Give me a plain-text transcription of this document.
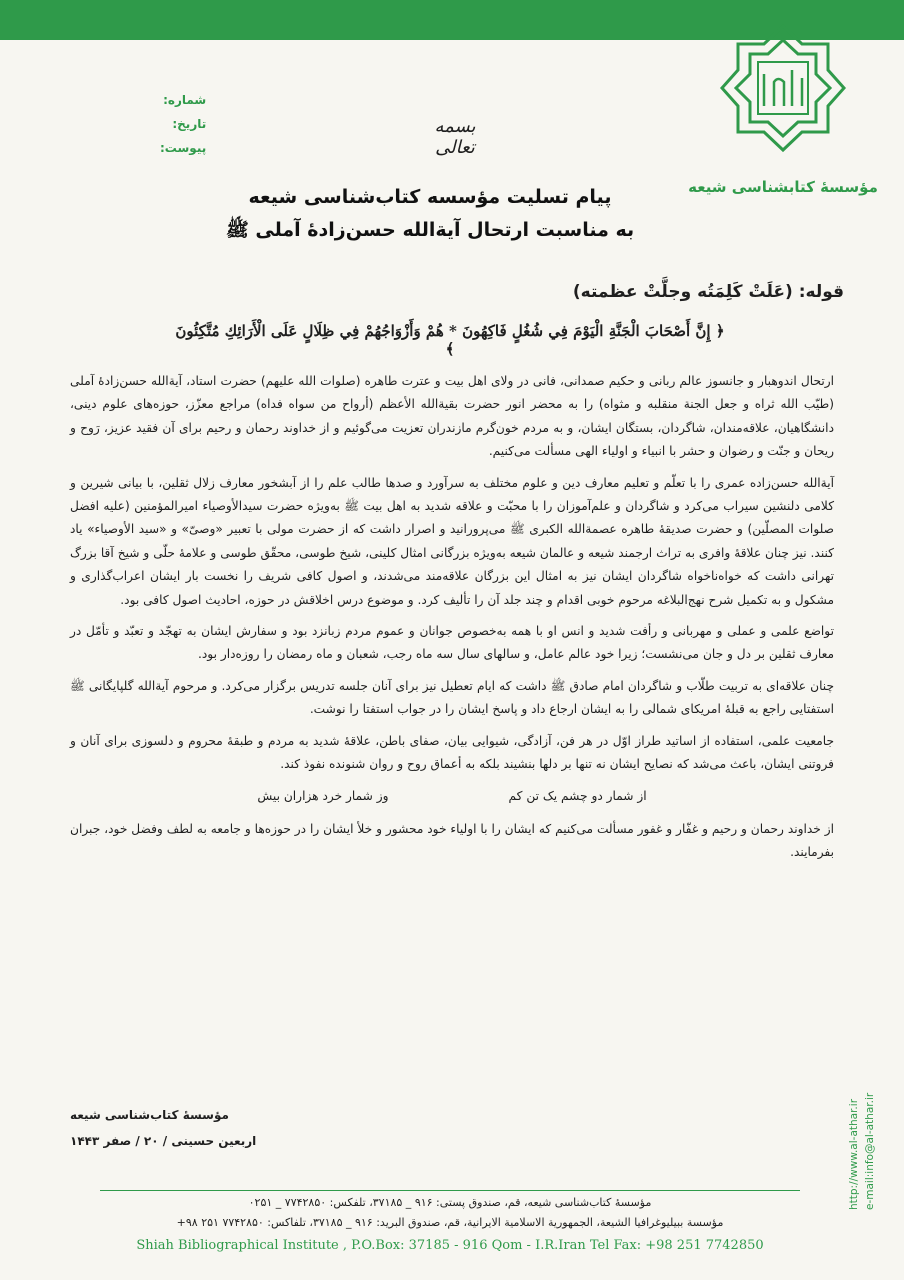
مؤسسهٔ کتابشناسی شیعه
شماره:
تاریخ:
پیوست:
بسمه تعالی
پیام تسلیت مؤسسه کتاب‌شناسی شیعه
به مناسبت ارتحال آیة‌الله حسن‌زادهٔ آملی ﷺ
قوله: (عَلَتْ كَلِمَتُه وجلَّتْ عظمته)
﴿ إِنَّ أَصْحَابَ الْجَنَّةِ الْيَوْمَ فِي شُغُلٍ فَاكِهُونَ * هُمْ وَأَزْوَاجُهُمْ فِي ظِلَالٍ عَلَى الْأَرَائِكِ مُتَّكِئُونَ ﴾

ارتحال اندوهبار و جانسوز عالم ربانی و حکیم صمدانی، فانی در ولای اهل بیت و عترت طاهره (صلوات الله علیهم) حضرت استاد، آیة‌الله حسن‌زادهٔ آملی (طیّب الله ثراه و جعل الجنة منقلبه و مثواه) را به محضر انور حضرت بقیة‌الله الأعظم (أرواح من سواه فداه) مراجع معزّز، حوزه‌های علوم دینی، دانشگاهیان، علاقه‌مندان، شاگردان، بستگان ایشان، و به مردم خون‌گرم مازندران تعزیت می‌گوئیم و از خداوند رحمان و رحیم برای آن فقید عزیز، رَوح و ریحان و جنّت و رضوان و حشر با انبیاء و اولیاء الهی مسألت می‌کنیم.

آیة‌الله حسن‌زاده عمری را با تعلّم و تعلیم معارف دین و علوم مختلف به سرآورد و صدها طالب علم را از آبشخور معارف زلال ثقلین، با بیانی شیرین و کلامی دلنشین سیراب می‌کرد و شاگردان و علم‌آموزان را با محبّت و علاقه شدید به اهل بیت ﷺ به‌ویژه حضرت سیدالأوصیاء امیرالمؤمنین (علیه افضل صلوات المصلّین) و حضرت صدیقهٔ طاهره عصمة‌الله الکبری ﷺ می‌پرورانید و اصرار داشت که از حضرت مولی با تعبیر «وصیّ» و «سید الأوصیاء» یاد کنند. نیز چنان علاقهٔ وافری به تراث ارجمند شیعه و عالمان شیعه به‌ویژه بزرگانی امثال کلینی، شیخ طوسی، محقّق طوسی و علامهٔ حلّی و شیخ آقا بزرگ تهرانی داشت که خواه‌ناخواه شاگردان ایشان نیز به امثال این بزرگان علاقه‌مند می‌شدند، و اصول کافی شریف را نخست بار ایشان اعراب‌گذاری و مشکول و به تکمیل شرح نهج‌البلاغه مرحوم خوبی اقدام و چند جلد آن را تألیف کرد. و موضوع درس اخلاقش در حوزه، احادیث اصول کافی بود.

تواضع علمی و عملی و مهربانی و رأفت شدید و انس او با همه به‌خصوص جوانان و عموم مردم زبانزد بود و سفارش ایشان به تهجّد و تعبّد و تأمّل در معارف ثقلین بر دل و جان می‌نشست؛ زیرا خود عالم عامل، و سالهای سال سه ماه رجب، شعبان و ماه رمضان را روزه‌دار بود.

چنان علاقه‌ای به تربیت طلّاب و شاگردان امام صادق ﷺ داشت که ایام تعطیل نیز برای آنان جلسه تدریس برگزار می‌کرد. و مرحوم آیة‌الله گلپایگانی ﷺ استفتایی راجع به قبلهٔ امریکای شمالی را به ایشان ارجاع داد و پاسخ ایشان را در جواب استفتا را نوشت.

جامعیت علمی، استفاده از اساتید طراز اوّل در هر فن، آزادگی، شیوایی بیان، صفای باطن، علاقهٔ شدید به مردم و طبقهٔ محروم و دلسوزی برای آنان و فروتنی ایشان، باعث می‌شد که نصایح ایشان نه تنها بر دلها بنشیند بلکه به أعماق روح و روان شنونده نفوذ کند.

از شمار دو چشم یک تن کم
وز شمار خرد هزاران بیش

از خداوند رحمان و رحیم و غفّار و غفور مسألت می‌کنیم که ایشان را با اولیاء خود محشور و خلأ ایشان را در حوزه‌ها و جامعه به لطف وفضل خود، جبران بفرمایند.

مؤسسهٔ کتاب‌شناسی شیعه
اربعین حسینی / ۲۰ / صفر ۱۴۴۳	http://www.al-athar.ir e-mail:info@al-athar.ir
مؤسسهٔ کتاب‌شناسی شیعه، قم، صندوق پستی: ۹۱۶ _ ۳۷۱۸۵، تلفکس: ۷۷۴۲۸۵۰ _ ۰۲۵۱
مؤسسة ببیلیوغرافیا الشیعة، الجمهوریة الاسلامیة الایرانیة، قم، صندوق البرید: ۹۱۶ _ ۳۷۱۸۵، تلفاکس: ۷۷۴۲۸۵۰ ۲۵۱ ۹۸+
Shiah Bibliographical Institute , P.O.Box: 37185 - 916 Qom - I.R.Iran Tel Fax: +98 251 7742850
